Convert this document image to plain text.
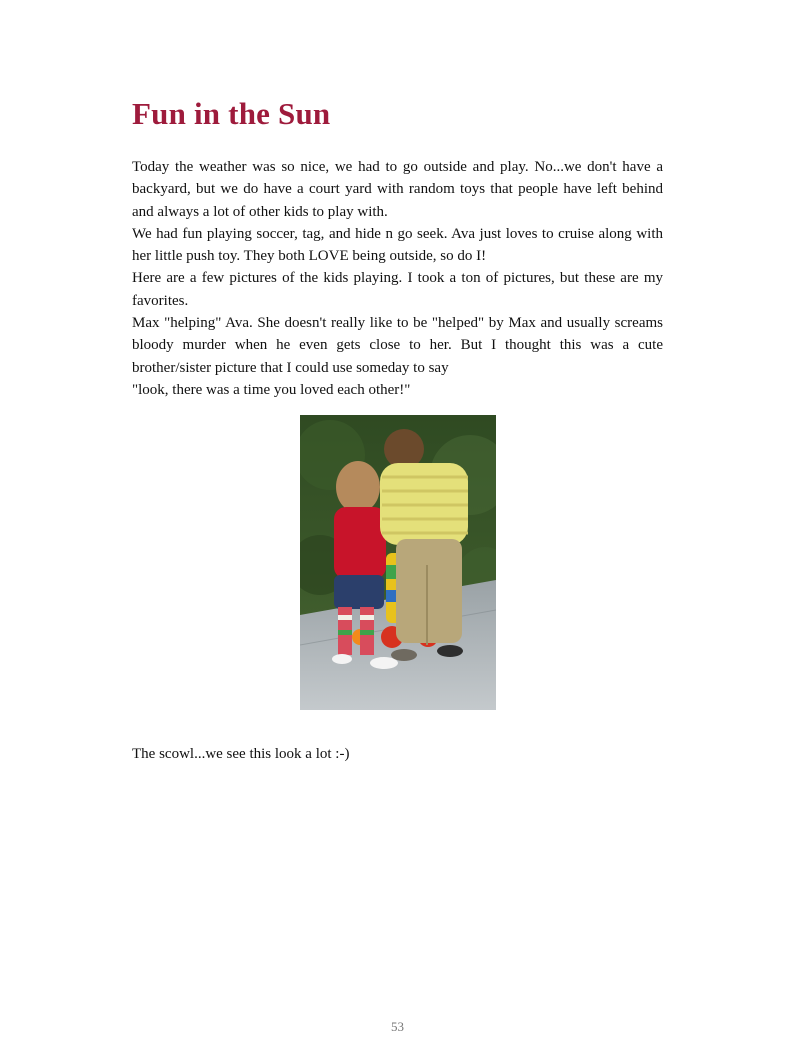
Fun in the Sun

Today the weather was so nice, we had to go outside and play. No...we don't have a backyard, but we do have a court yard with random toys that people have left behind and always a lot of other kids to play with.

We had fun playing soccer, tag, and hide n go seek. Ava just loves to cruise along with her little push toy. They both LOVE being outside, so do I!

Here are a few pictures of the kids playing. I took a ton of pictures, but these are my favorites.

Max "helping" Ava. She doesn't really like to be "helped" by Max and usually screams bloody murder when he even gets close to her. But I thought this was a cute brother/sister picture that I could use someday to say

"look, there was a time you loved each other!"

The scowl...we see this look a lot :-)

53
